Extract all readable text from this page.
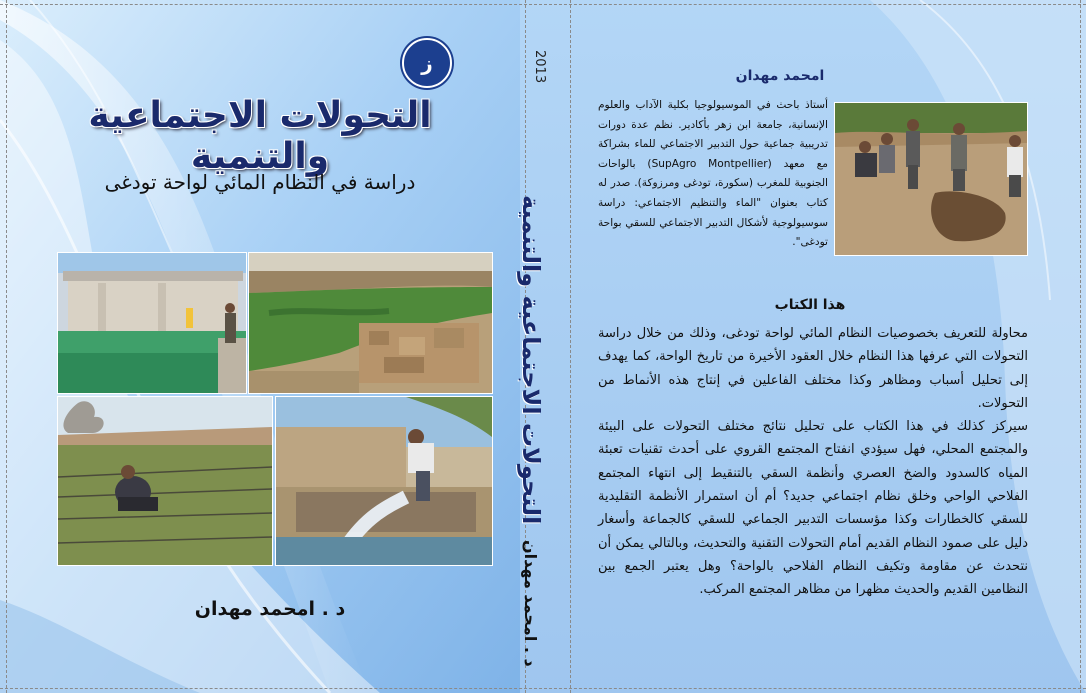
ﺯ
التحولات الاجتماعية والتنمية
دراسة في النظام المائي لواحة تودغى
د . امحمد مهدان
2013
التحولات الاجتماعية والتنمية
د . امحمد مهدان
امحمد مهدان
أستاذ باحث في الموسيولوجيا بكلية الآداب والعلوم الإنسانية، جامعة ابن زهر بأكادير. نظم عدة دورات تدريبية جماعية حول التدبير الاجتماعي للماء بشراكة مع معهد (SupAgro Montpellier) بالواحات الجنوبية للمغرب (سكورة، تودغى ومرزوكة). صدر له كتاب بعنوان "الماء والتنظيم الاجتماعي: دراسة سوسيولوجية لأشكال التدبير الاجتماعي للسقي بواحة تودغى".
هذا الكتاب

محاولة للتعريف بخصوصيات النظام المائي لواحة تودغى، وذلك من خلال دراسة التحولات التي عرفها هذا النظام خلال العقود الأخيرة من تاريخ الواحة، كما يهدف إلى تحليل أسباب ومظاهر وكذا مختلف الفاعلين في إنتاج هذه الأنماط من التحولات.

سيركز كذلك في هذا الكتاب على تحليل نتائج مختلف التحولات على البيئة والمجتمع المحلي، فهل سيؤدي انفتاح المجتمع القروي على أحدث تقنيات تعبئة المياه كالسدود والضخ العصري وأنظمة السقي بالتنقيط إلى انتهاء المجتمع الفلاحي الواحي وخلق نظام اجتماعي جديد؟ أم أن استمرار الأنظمة التقليدية للسقي كالخطارات وكذا مؤسسات التدبير الجماعي للسقي كالجماعة وأسغار دليل على صمود النظام القديم أمام التحولات التقنية والتحديث، وبالتالي يمكن أن نتحدث عن مقاومة وتكيف النظام الفلاحي بالواحة؟ وهل يعتبر الجمع بين النظامين القديم والحديث مظهرا من مظاهر المجتمع المركب.
